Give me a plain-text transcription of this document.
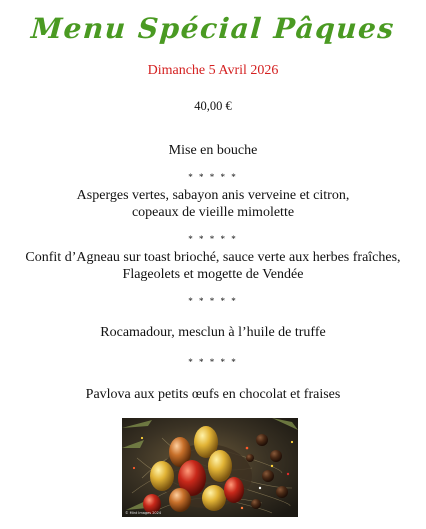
Menu Spécial Pâques
Dimanche 5 Avril 2026
40,00 €
Mise en bouche
* * * * *
Asperges vertes, sabayon anis verveine et citron,
copeaux de vieille mimolette
* * * * *
Confit d’Agneau sur toast brioché, sauce verte aux herbes fraîches,
Flageolets et mogette de Vendée
* * * * *
Rocamadour, mesclun à l’huile de truffe
* * * * *
Pavlova aux petits œufs en chocolat et fraises
© Mint Images 2024
